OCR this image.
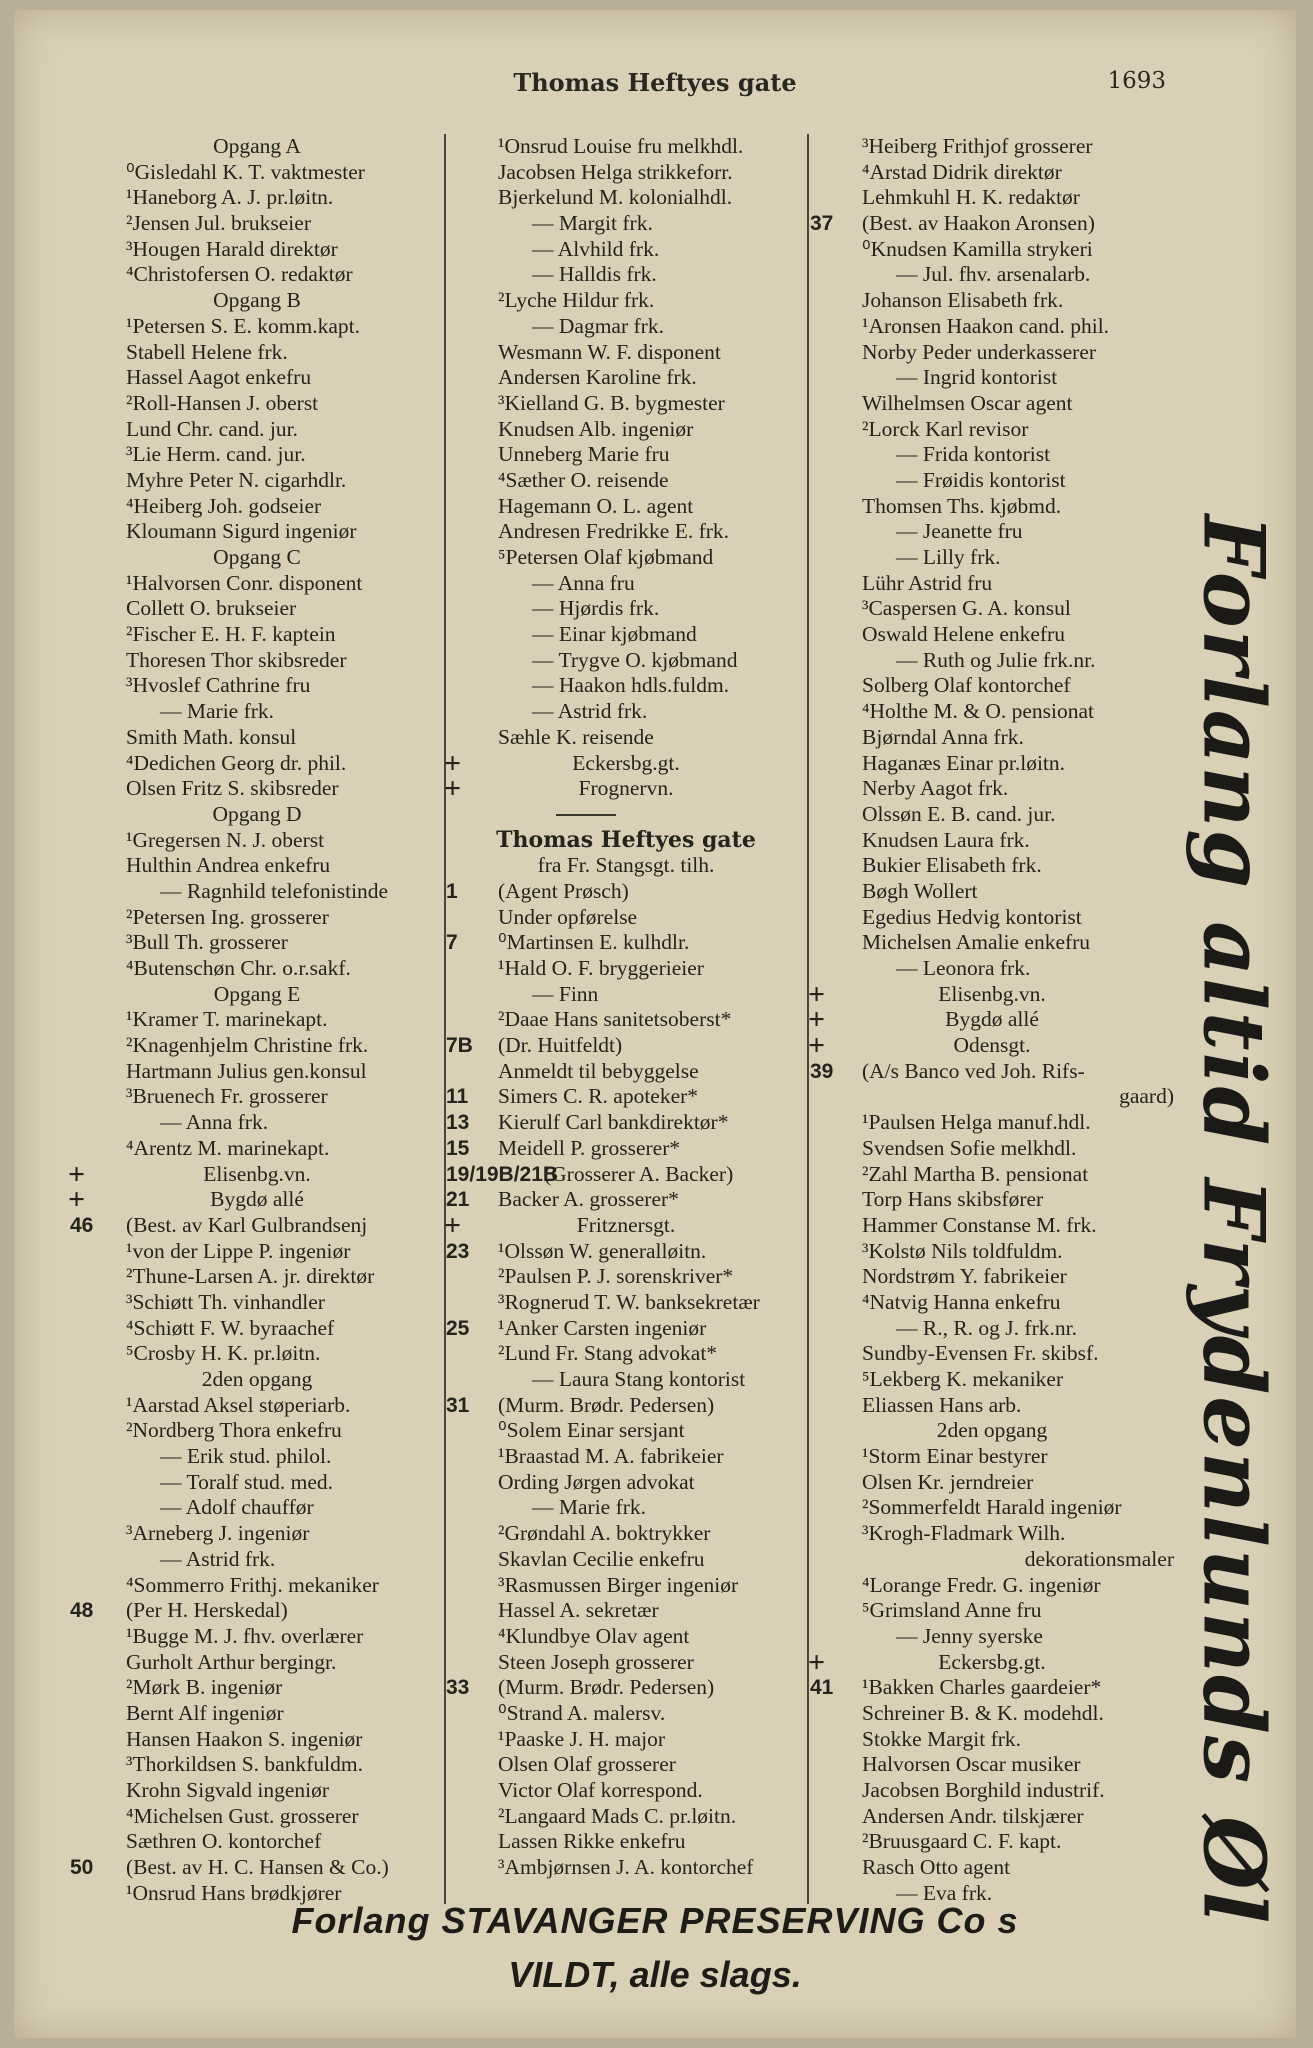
Thomas Heftyes gate	1693
Opgang A
⁰Gisledahl K. T. vaktmester
¹Haneborg A. J. pr.løitn.
²Jensen Jul. brukseier
³Hougen Harald direktør
⁴Christofersen O. redaktør
Opgang B
¹Petersen S. E. komm.kapt.
Stabell Helene frk.
Hassel Aagot enkefru
²Roll-Hansen J. oberst
Lund Chr. cand. jur.
³Lie Herm. cand. jur.
Myhre Peter N. cigarhdlr.
⁴Heiberg Joh. godseier
Kloumann Sigurd ingeniør
Opgang C
¹Halvorsen Conr. disponent
Collett O. brukseier
²Fischer E. H. F. kaptein
Thoresen Thor skibsreder
³Hvoslef Cathrine fru
— Marie frk.
Smith Math. konsul
⁴Dedichen Georg dr. phil.
Olsen Fritz S. skibsreder
Opgang D
¹Gregersen N. J. oberst
Hulthin Andrea enkefru
— Ragnhild telefonistinde
²Petersen Ing. grosserer
³Bull Th. grosserer
⁴Butenschøn Chr. o.r.sakf.
Opgang E
¹Kramer T. marinekapt.
²Knagenhjelm Christine frk.
Hartmann Julius gen.konsul
³Bruenech Fr. grosserer
— Anna frk.
⁴Arentz M. marinekapt.
+	Elisenbg.vn.
+	Bygdø allé
46 (Best. av Karl Gulbrandsenj
¹von der Lippe P. ingeniør
²Thune-Larsen A. jr. direktør
³Schiøtt Th. vinhandler
⁴Schiøtt F. W. byraachef
⁵Crosby H. K. pr.løitn.
2den opgang
¹Aarstad Aksel støperiarb.
²Nordberg Thora enkefru
— Erik stud. philol.
— Toralf stud. med.
— Adolf chauffør
³Arneberg J. ingeniør
— Astrid frk.
⁴Sommerro Frithj. mekaniker
48 (Per H. Herskedal)
¹Bugge M. J. fhv. overlærer
Gurholt Arthur bergingr.
²Mørk B. ingeniør
Bernt Alf ingeniør
Hansen Haakon S. ingeniør
³Thorkildsen S. bankfuldm.
Krohn Sigvald ingeniør
⁴Michelsen Gust. grosserer
Sæthren O. kontorchef
50 (Best. av H. C. Hansen & Co.)
¹Onsrud Hans brødkjører
¹Onsrud Louise fru melkhdl.
Jacobsen Helga strikkeforr.
Bjerkelund M. kolonialhdl.
— Margit frk.
— Alvhild frk.
— Halldis frk.
²Lyche Hildur frk.
— Dagmar frk.
Wesmann W. F. disponent
Andersen Karoline frk.
³Kielland G. B. bygmester
Knudsen Alb. ingeniør
Unneberg Marie fru
⁴Sæther O. reisende
Hagemann O. L. agent
Andresen Fredrikke E. frk.
⁵Petersen Olaf kjøbmand
— Anna fru
— Hjørdis frk.
— Einar kjøbmand
— Trygve O. kjøbmand
— Haakon hdls.fuldm.
— Astrid frk.
Sæhle K. reisende
+	Eckersbg.gt.
+	Frognervn.
Thomas Heftyes gate
fra Fr. Stangsgt. tilh.
1 (Agent Prøsch)
Under opførelse
7 ⁰Martinsen E. kulhdlr.
¹Hald O. F. bryggerieier
— Finn
²Daae Hans sanitetsoberst*
7B (Dr. Huitfeldt)
Anmeldt til bebyggelse
11 Simers C. R. apoteker*
13 Kierulf Carl bankdirektør*
15 Meidell P. grosserer*
19/19B/21B
(Grosserer A. Backer)
21 Backer A. grosserer*
+	Fritznersgt.
23 ¹Olssøn W. generalløitn.
²Paulsen P. J. sorenskriver*
³Rognerud T. W. banksekretær
25 ¹Anker Carsten ingeniør
²Lund Fr. Stang advokat*
— Laura Stang kontorist
31 (Murm. Brødr. Pedersen)
⁰Solem Einar sersjant
¹Braastad M. A. fabrikeier
Ording Jørgen advokat
— Marie frk.
²Grøndahl A. boktrykker
Skavlan Cecilie enkefru
³Rasmussen Birger ingeniør
Hassel A. sekretær
⁴Klundbye Olav agent
Steen Joseph grosserer
33 (Murm. Brødr. Pedersen)
⁰Strand A. malersv.
¹Paaske J. H. major
Olsen Olaf grosserer
Victor Olaf korrespond.
²Langaard Mads C. pr.løitn.
Lassen Rikke enkefru
³Ambjørnsen J. A. kontorchef
³Heiberg Frithjof grosserer
⁴Arstad Didrik direktør
Lehmkuhl H. K. redaktør
37 (Best. av Haakon Aronsen)
⁰Knudsen Kamilla strykeri
— Jul. fhv. arsenalarb.
Johanson Elisabeth frk.
¹Aronsen Haakon cand. phil.
Norby Peder underkasserer
— Ingrid kontorist
Wilhelmsen Oscar agent
²Lorck Karl revisor
— Frida kontorist
— Frøidis kontorist
Thomsen Ths. kjøbmd.
— Jeanette fru
— Lilly frk.
Lühr Astrid fru
³Caspersen G. A. konsul
Oswald Helene enkefru
— Ruth og Julie frk.nr.
Solberg Olaf kontorchef
⁴Holthe M. & O. pensionat
Bjørndal Anna frk.
Haganæs Einar pr.løitn.
Nerby Aagot frk.
Olssøn E. B. cand. jur.
Knudsen Laura frk.
Bukier Elisabeth frk.
Bøgh Wollert
Egedius Hedvig kontorist
Michelsen Amalie enkefru
— Leonora frk.
+	Elisenbg.vn.
+	Bygdø allé
+	Odensgt.
39 (A/s Banco ved Joh. Rifs-
gaard)
¹Paulsen Helga manuf.hdl.
Svendsen Sofie melkhdl.
²Zahl Martha B. pensionat
Torp Hans skibsfører
Hammer Constanse M. frk.
³Kolstø Nils toldfuldm.
Nordstrøm Y. fabrikeier
⁴Natvig Hanna enkefru
— R., R. og J. frk.nr.
Sundby-Evensen Fr. skibsf.
⁵Lekberg K. mekaniker
Eliassen Hans arb.
2den opgang
¹Storm Einar bestyrer
Olsen Kr. jerndreier
²Sommerfeldt Harald ingeniør
³Krogh-Fladmark Wilh.
dekorationsmaler
⁴Lorange Fredr. G. ingeniør
⁵Grimsland Anne fru
— Jenny syerske
+	Eckersbg.gt.
41 ¹Bakken Charles gaardeier*
Schreiner B. & K. modehdl.
Stokke Margit frk.
Halvorsen Oscar musiker
Jacobsen Borghild industrif.
Andersen Andr. tilskjærer
²Bruusgaard C. F. kapt.
Rasch Otto agent
— Eva frk. Forlang altid Frydenlunds Øl
Forlang STAVANGER PRESERVING Co s
VILDT, alle slags.
